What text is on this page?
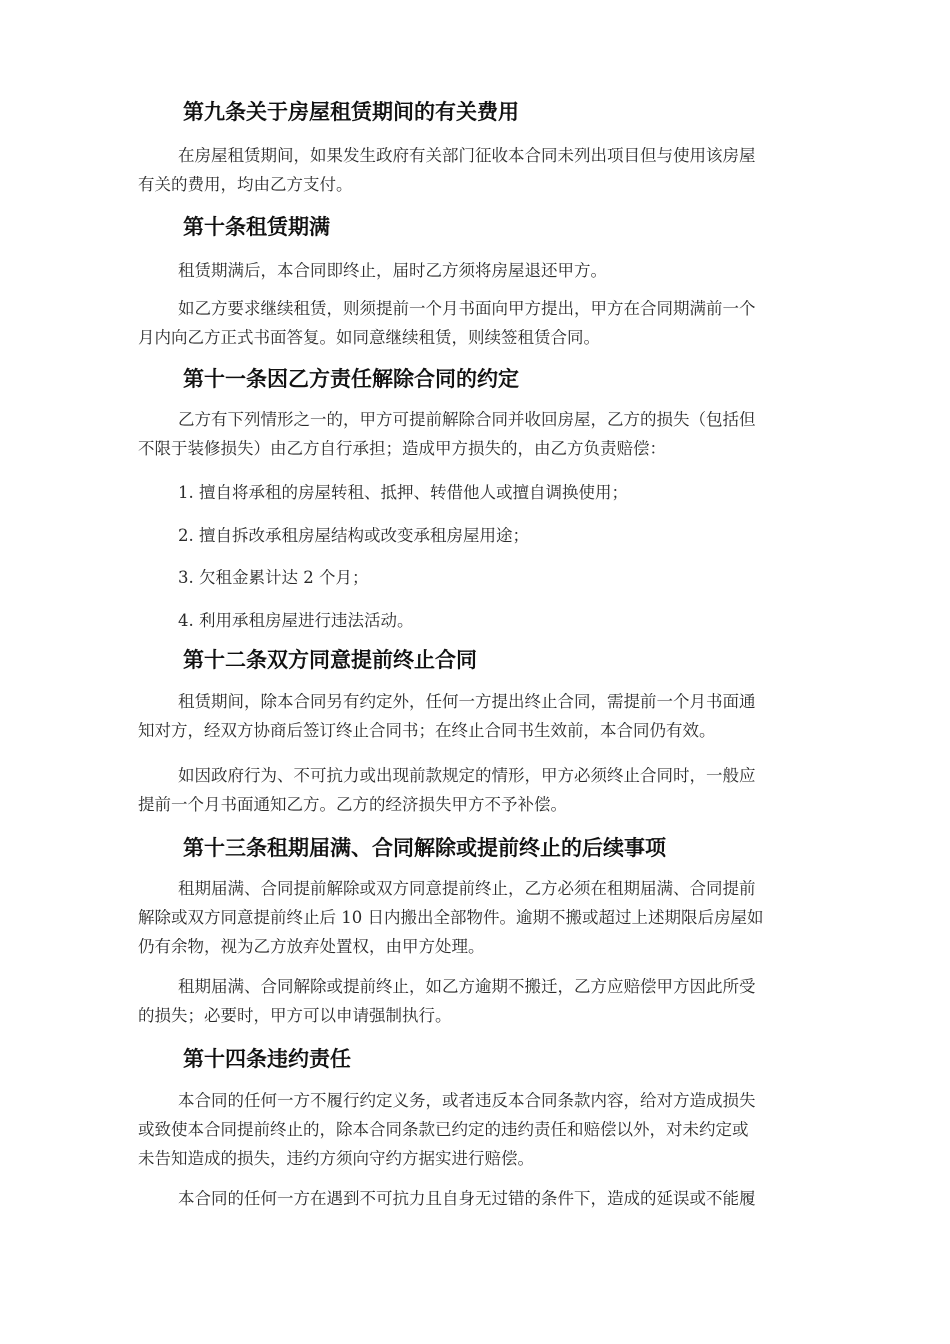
第九条关于房屋租赁期间的有关费用
在房屋租赁期间，如果发生政府有关部门征收本合同未列出项目但与使用该房屋
有关的费用，均由乙方支付。
第十条租赁期满
租赁期满后，本合同即终止，届时乙方须将房屋退还甲方。
如乙方要求继续租赁，则须提前一个月书面向甲方提出，甲方在合同期满前一个
月内向乙方正式书面答复。如同意继续租赁，则续签租赁合同。
第十一条因乙方责任解除合同的约定
乙方有下列情形之一的，甲方可提前解除合同并收回房屋，乙方的损失（包括但
不限于装修损失）由乙方自行承担；造成甲方损失的，由乙方负责赔偿：
1. 擅自将承租的房屋转租、抵押、转借他人或擅自调换使用；
2. 擅自拆改承租房屋结构或改变承租房屋用途；
3. 欠租金累计达 2 个月；
4. 利用承租房屋进行违法活动。
第十二条双方同意提前终止合同
租赁期间，除本合同另有约定外，任何一方提出终止合同，需提前一个月书面通
知对方，经双方协商后签订终止合同书；在终止合同书生效前，本合同仍有效。
如因政府行为、不可抗力或出现前款规定的情形，甲方必须终止合同时，一般应
提前一个月书面通知乙方。乙方的经济损失甲方不予补偿。
第十三条租期届满、合同解除或提前终止的后续事项
租期届满、合同提前解除或双方同意提前终止，乙方必须在租期届满、合同提前
解除或双方同意提前终止后 10 日内搬出全部物件。逾期不搬或超过上述期限后房屋如
仍有余物，视为乙方放弃处置权，由甲方处理。
租期届满、合同解除或提前终止，如乙方逾期不搬迁，乙方应赔偿甲方因此所受
的损失；必要时，甲方可以申请强制执行。
第十四条违约责任
本合同的任何一方不履行约定义务，或者违反本合同条款内容，给对方造成损失
或致使本合同提前终止的，除本合同条款已约定的违约责任和赔偿以外，对未约定或
未告知造成的损失，违约方须向守约方据实进行赔偿。
本合同的任何一方在遇到不可抗力且自身无过错的条件下，造成的延误或不能履
